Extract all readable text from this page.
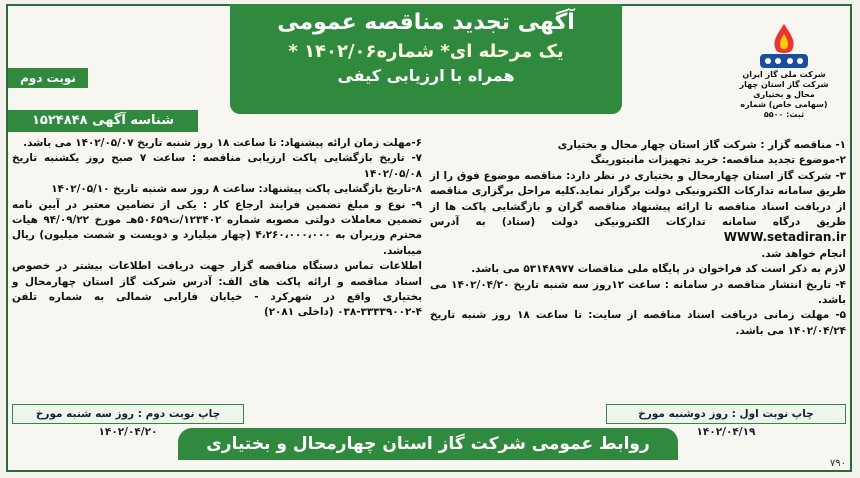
آگهی تجدید مناقصه عمومی
* یک مرحله ای* شماره۱۴۰۲/۰۶
همراه با ارزیابی کیفی	شرکت ملی گاز ایران
شرکت گاز استان چهار محال و بختیاری
(سهامی خاص) شماره ثبت: ۵۵۰۰
نوبت دوم
شناسه آگهی ۱۵۲۴۸۴۸

۱- مناقصه گزار : شرکت گاز استان چهار محال و بختیاری

۲-موضوع تجدید مناقصه: خرید تجهیزات مانیتورینگ

۳- شرکت گاز استان چهارمحال و بختیاری در نظر دارد: مناقصه موضوع فوق را از طریق سامانه تدارکات الکترونیکی دولت برگزار نماید.کلیه مراحل برگزاری مناقصه از دریافت اسناد مناقصه تا ارائه پیشنهاد مناقصه گران و بازگشایی پاکت ها از طریق درگاه سامانه تدارکات الکترونیکی دولت (ستاد) به آدرس WWW.setadiran.ir

انجام خواهد شد.

لازم به ذکر است کد فراخوان در پایگاه ملی مناقصات ۵۳۱۴۸۹۷۷ می باشد.

۴- تاریخ انتشار مناقصه در سامانه : ساعت ۱۲روز سه شنبه تاریخ ۱۴۰۲/۰۴/۲۰ می باشد.

۵- مهلت زمانی دریافت اسناد مناقصه از سایت: تا ساعت ۱۸ روز شنبه تاریخ ۱۴۰۲/۰۴/۲۴ می باشد.

۶-مهلت زمان ارائه پیشنهاد: تا ساعت ۱۸ روز شنبه تاریخ ۱۴۰۲/۰۵/۰۷ می باشد.

۷- تاریخ بازگشایی پاکت ارزیابی مناقصه : ساعت ۷ صبح روز یکشنبه تاریخ ۱۴۰۲/۰۵/۰۸

۸-تاریخ بازگشایی پاکت پیشنهاد: ساعت ۸ روز سه شنبه تاریخ ۱۴۰۲/۰۵/۱۰

۹- نوع و مبلغ تضمین فرایند ارجاع کار : یکی از تضامین معتبر در آیین نامه تضمین معاملات دولتی مصوبه شماره ۱۲۳۴۰۲/ت۵۰۶۵۹هـ مورخ ۹۴/۰۹/۲۲ هیات محترم وزیران به ۴،۲۶۰،۰۰۰،۰۰۰ (چهار میلیارد و دویست و شصت میلیون) ریال میباشد.

اطلاعات تماس دستگاه مناقصه گزار جهت دریافت اطلاعات بیشتر در خصوص اسناد مناقصه و ارائه پاکت های الف: آدرس شرکت گاز استان چهارمحال و بختیاری واقع در شهرکرد - خیابان فارابی شمالی به شماره تلفن ۴-۳۳۳۳۹۰۰۲-۰۳۸ (داخلی ۲۰۸۱)

چاپ نوبت اول : روز دوشنبه مورخ ۱۴۰۲/۰۴/۱۹
چاپ نوبت دوم : روز سه شنبه مورخ ۱۴۰۲/۰۴/۲۰
روابط عمومی شرکت گاز استان چهارمحال و بختیاری
۷۹۰
